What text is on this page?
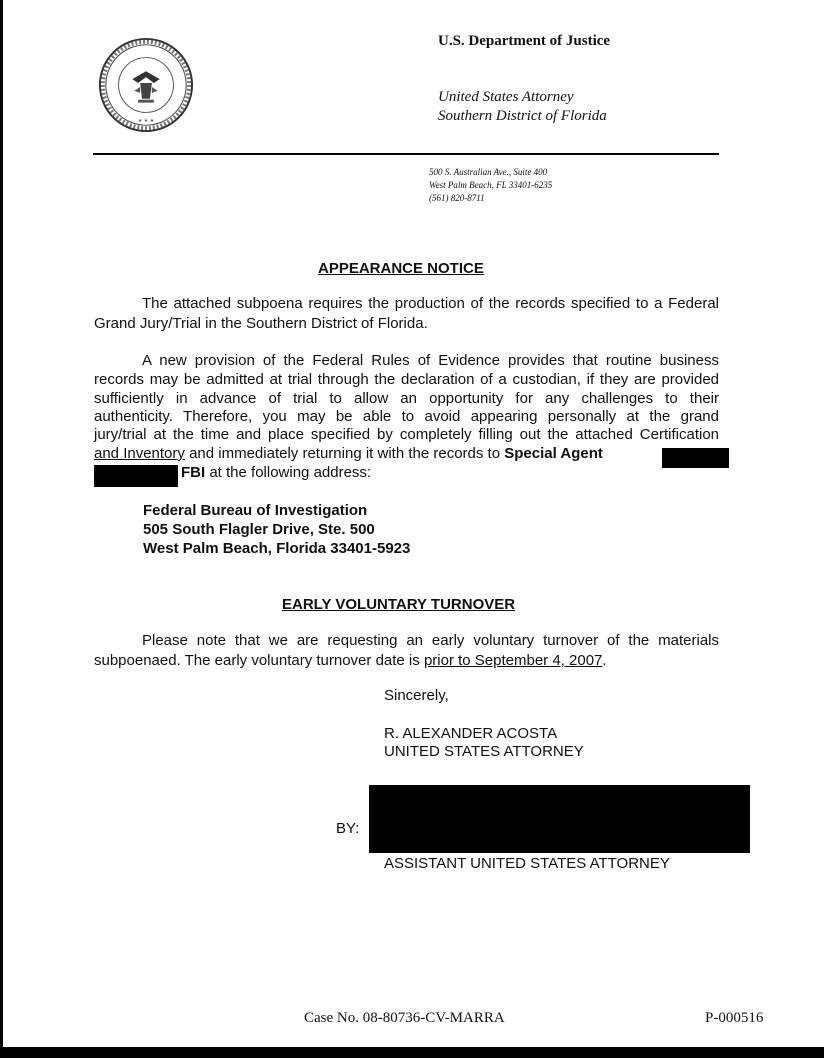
★ ★ ★
U.S. Department of Justice
United States Attorney
Southern District of Florida
500 S. Australian Ave., Suite 400
West Palm Beach, FL 33401-6235
(561) 820-8711
APPEARANCE NOTICE
The attached subpoena requires the production of the records specified to a Federal
Grand Jury/Trial in the Southern District of Florida.
A new provision of the Federal Rules of Evidence provides that routine business
records may be admitted at trial through the declaration of a custodian, if they are provided
sufficiently in advance of trial to allow an opportunity for any challenges to their
authenticity. Therefore, you may be able to avoid appearing personally at the grand
jury/trial at the time and place specified by completely filling out the attached Certification
and Inventory and immediately returning it with the records to Special Agent
FBI at the following address:
Federal Bureau of Investigation
505 South Flagler Drive, Ste. 500
West Palm Beach, Florida 33401-5923
EARLY VOLUNTARY TURNOVER
Please note that we are requesting an early voluntary turnover of the materials
subpoenaed. The early voluntary turnover date is prior to September 4, 2007.
Sincerely,
R. ALEXANDER ACOSTA
UNITED STATES ATTORNEY
BY:
ASSISTANT UNITED STATES ATTORNEY
Case No. 08-80736-CV-MARRA	P-000516
